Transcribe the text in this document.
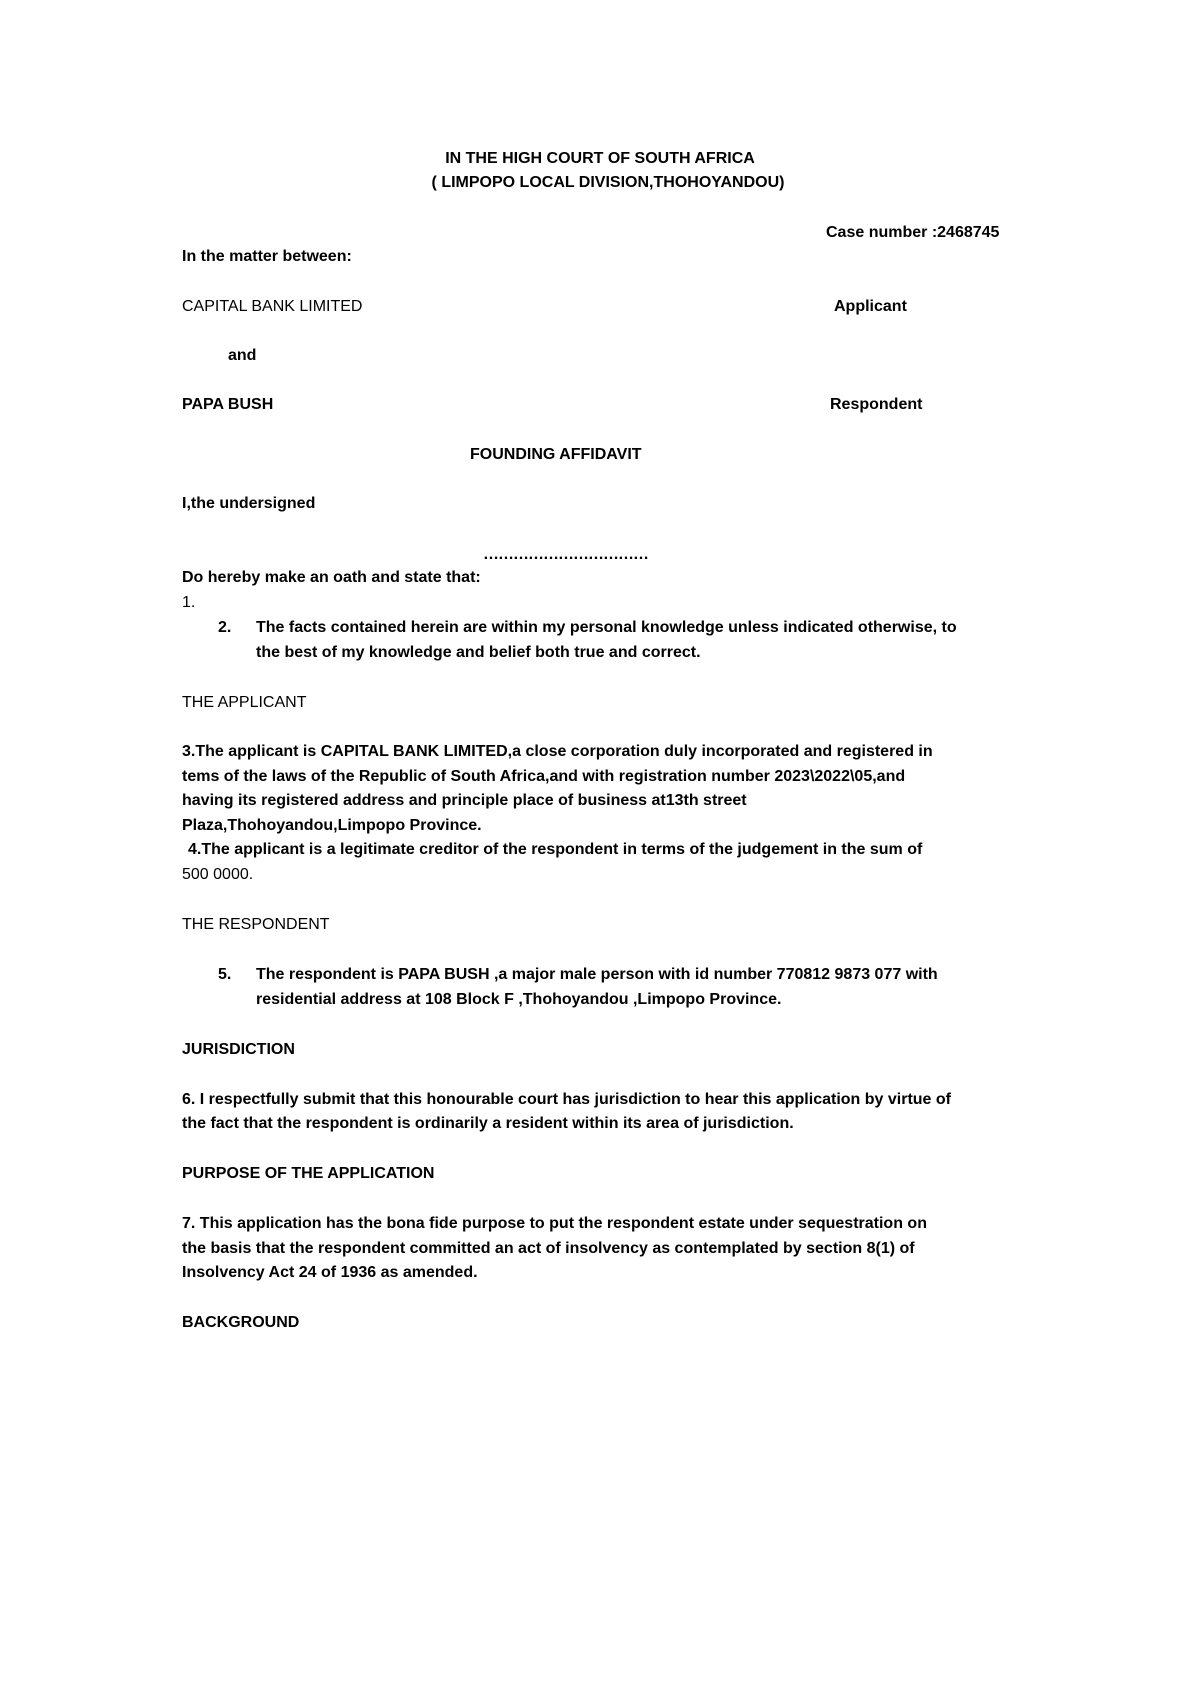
IN THE HIGH COURT OF SOUTH AFRICA
( LIMPOPO LOCAL DIVISION,THOHOYANDOU)
Case number :2468745
In the matter between:
CAPITAL BANK LIMITED	Applicant
and
PAPA BUSH	Respondent
FOUNDING AFFIDAVIT
I,the undersigned
……………………………
Do hereby make an oath and state that:
1.
2. The facts contained herein are within my personal knowledge unless indicated otherwise, to
the best of my knowledge and belief both true and correct.
THE APPLICANT
3.The applicant is CAPITAL BANK LIMITED,a close corporation duly incorporated and registered in
tems of the laws of the Republic of South Africa,and with registration number 2023\2022\05,and
having its registered address and principle place of business at13th street
Plaza,Thohoyandou,Limpopo Province.
4.The applicant is a legitimate creditor of the respondent in terms of the judgement in the sum of
500 0000.
THE RESPONDENT
5. The respondent is PAPA BUSH ,a major male person with id number 770812 9873 077 with
residential address at 108 Block F ,Thohoyandou ,Limpopo Province.
JURISDICTION
6. I respectfully submit that this honourable court has jurisdiction to hear this application by virtue of
the fact that the respondent is ordinarily a resident within its area of jurisdiction.
PURPOSE OF THE APPLICATION
7. This application has the bona fide purpose to put the respondent estate under sequestration on
the basis that the respondent committed an act of insolvency as contemplated by section 8(1) of
Insolvency Act 24 of 1936 as amended.
BACKGROUND
